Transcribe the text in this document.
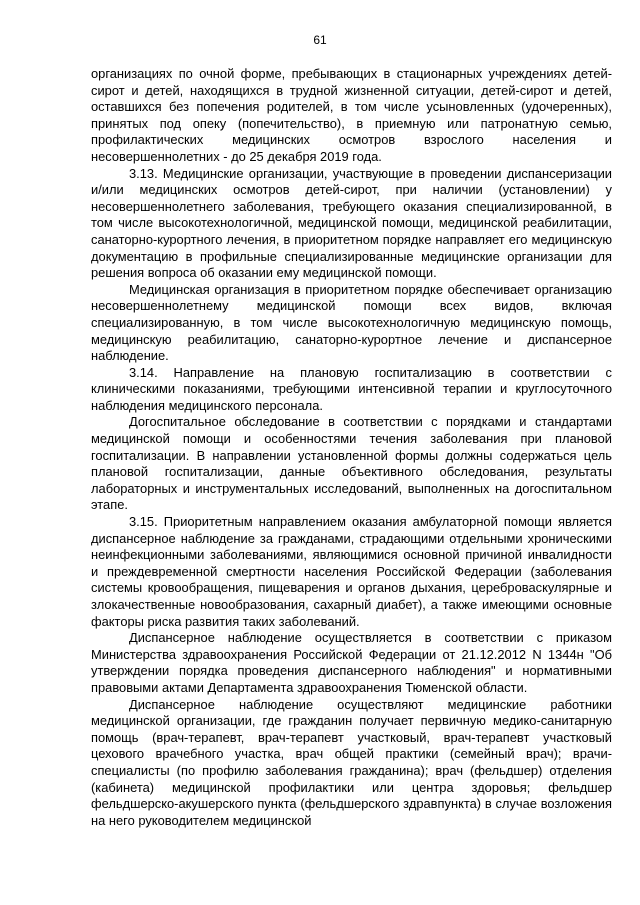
61

организациях по очной форме, пребывающих в стационарных учреждениях детей-сирот и детей, находящихся в трудной жизненной ситуации, детей-сирот и детей, оставшихся без попечения родителей, в том числе усыновленных (удочеренных), принятых под опеку (попечительство), в приемную или патронатную семью, профилактических медицинских осмотров взрослого населения и несовершеннолетних - до 25 декабря 2019 года.

3.13. Медицинские организации, участвующие в проведении диспансеризации и/или медицинских осмотров детей-сирот, при наличии (установлении) у несовершеннолетнего заболевания, требующего оказания специализированной, в том числе высокотехнологичной, медицинской помощи, медицинской реабилитации, санаторно-курортного лечения, в приоритетном порядке направляет его медицинскую документацию в профильные специализированные медицинские организации для решения вопроса об оказании ему медицинской помощи.

Медицинская организация в приоритетном порядке обеспечивает организацию несовершеннолетнему медицинской помощи всех видов, включая специализированную, в том числе высокотехнологичную медицинскую помощь, медицинскую реабилитацию, санаторно-курортное лечение и диспансерное наблюдение.

3.14. Направление на плановую госпитализацию в соответствии с клиническими показаниями, требующими интенсивной терапии и круглосуточного наблюдения медицинского персонала.

Догоспитальное обследование в соответствии с порядками и стандартами медицинской помощи и особенностями течения заболевания при плановой госпитализации. В направлении установленной формы должны содержаться цель плановой госпитализации, данные объективного обследования, результаты лабораторных и инструментальных исследований, выполненных на догоспитальном этапе.

3.15. Приоритетным направлением оказания амбулаторной помощи является диспансерное наблюдение за гражданами, страдающими отдельными хроническими неинфекционными заболеваниями, являющимися основной причиной инвалидности и преждевременной смертности населения Российской Федерации (заболевания системы кровообращения, пищеварения и органов дыхания, цереброваскулярные и злокачественные новообразования, сахарный диабет), а также имеющими основные факторы риска развития таких заболеваний.

Диспансерное наблюдение осуществляется в соответствии с приказом Министерства здравоохранения Российской Федерации от 21.12.2012 N 1344н "Об утверждении порядка проведения диспансерного наблюдения" и нормативными правовыми актами Департамента здравоохранения Тюменской области.

Диспансерное наблюдение осуществляют медицинские работники медицинской организации, где гражданин получает первичную медико-санитарную помощь (врач-терапевт, врач-терапевт участковый, врач-терапевт участковый цехового врачебного участка, врач общей практики (семейный врач); врачи-специалисты (по профилю заболевания гражданина); врач (фельдшер) отделения (кабинета) медицинской профилактики или центра здоровья; фельдшер фельдшерско-акушерского пункта (фельдшерского здравпункта) в случае возложения на него руководителем медицинской
